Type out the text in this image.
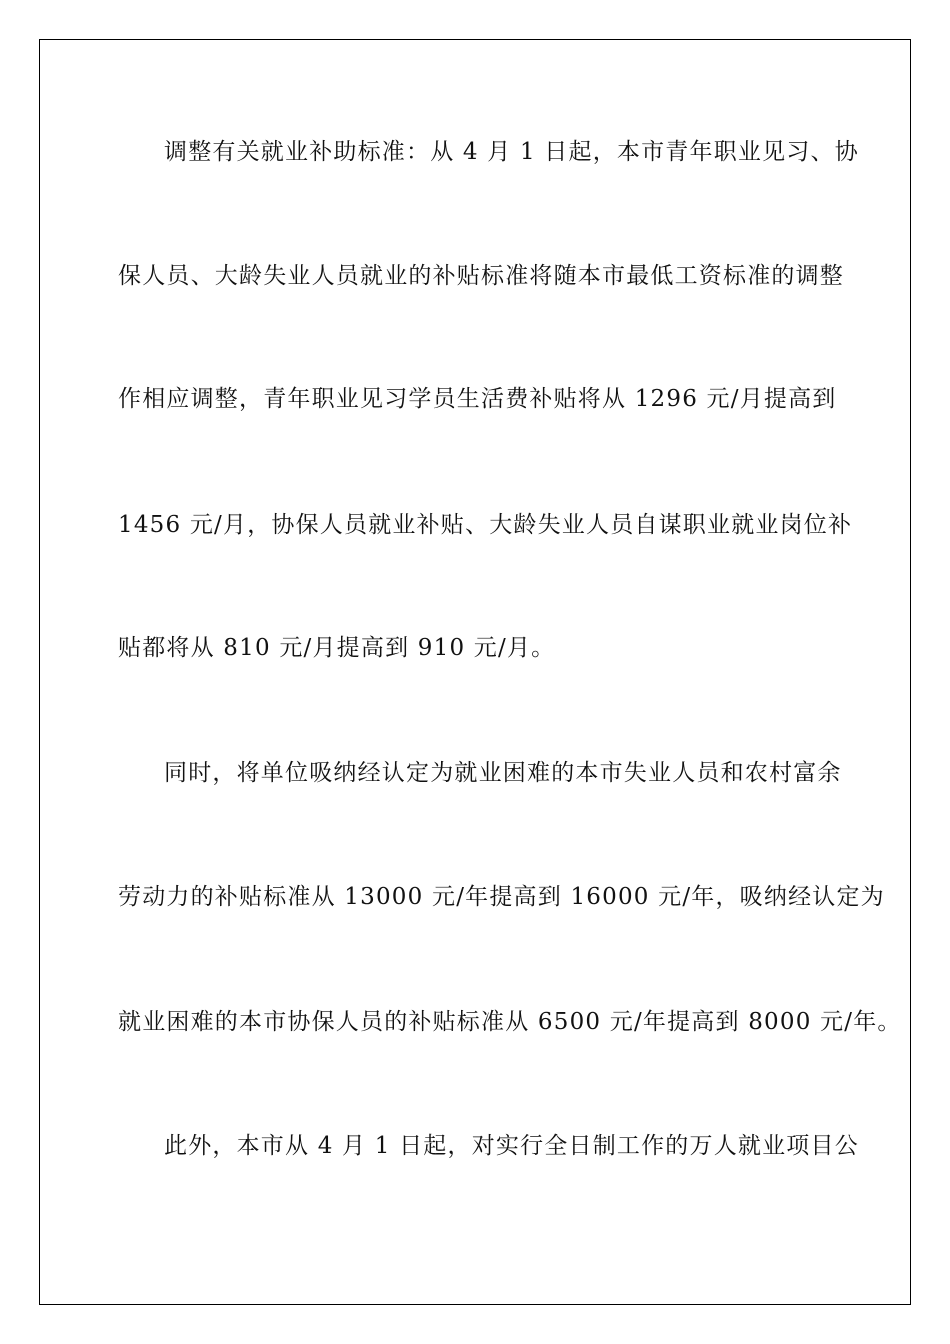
调整有关就业补助标准：从 4 月 1 日起，本市青年职业见习、协
保人员、大龄失业人员就业的补贴标准将随本市最低工资标准的调整
作相应调整，青年职业见习学员生活费补贴将从 1296 元/月提高到
1456 元/月，协保人员就业补贴、大龄失业人员自谋职业就业岗位补
贴都将从 810 元/月提高到 910 元/月。
同时，将单位吸纳经认定为就业困难的本市失业人员和农村富余
劳动力的补贴标准从 13000 元/年提高到 16000 元/年，吸纳经认定为
就业困难的本市协保人员的补贴标准从 6500 元/年提高到 8000 元/年。
此外，本市从 4 月 1 日起，对实行全日制工作的万人就业项目公
